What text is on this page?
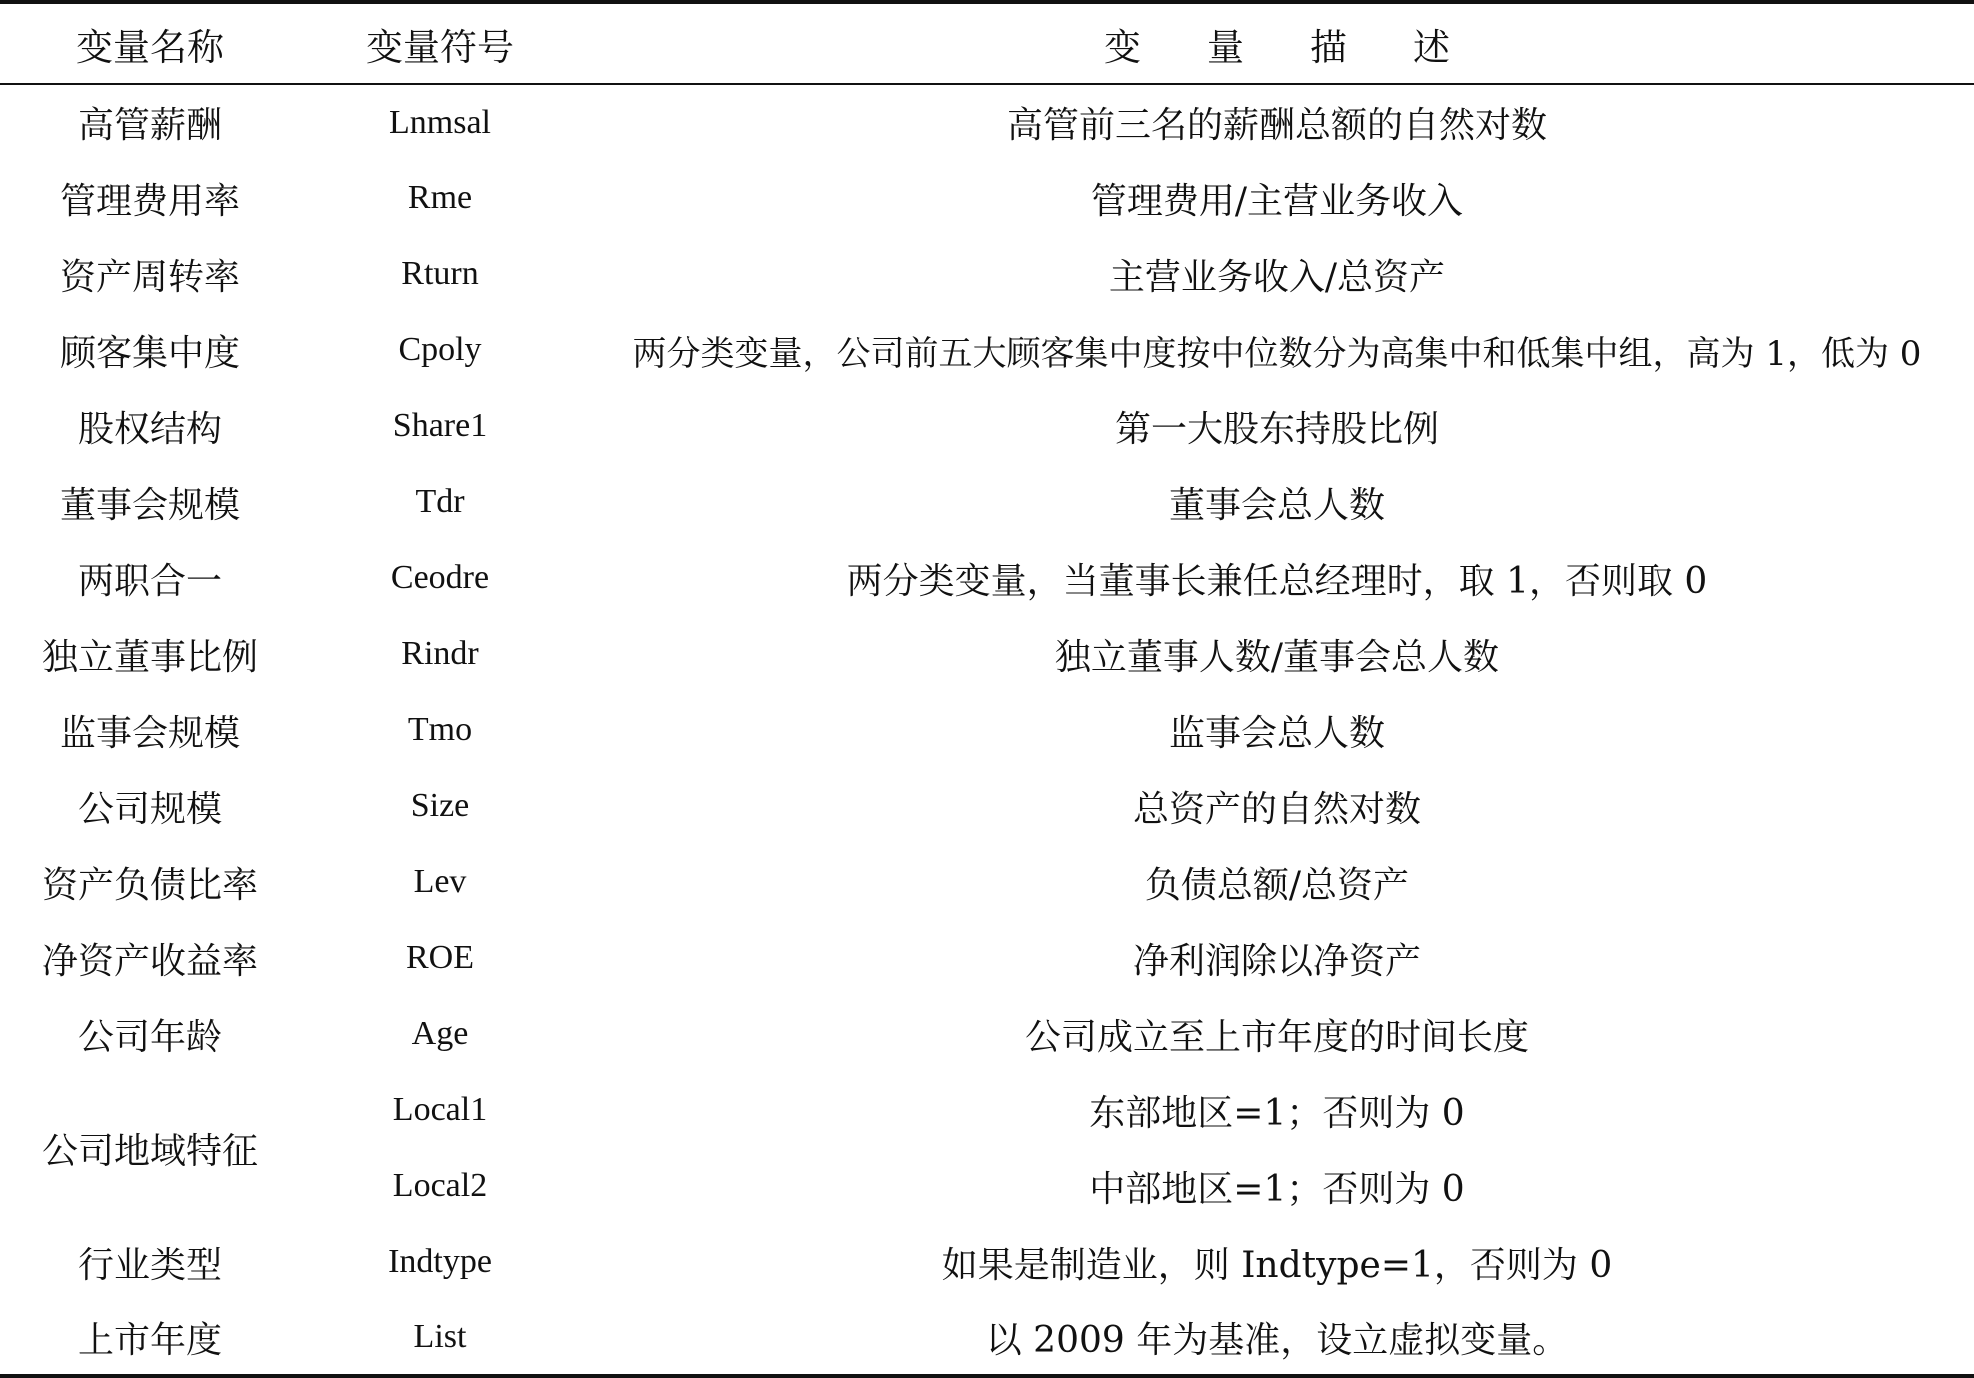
变量名称	变量符号	变量描述
高管薪酬	Lnmsal	高管前三名的薪酬总额的自然对数
管理费用率	Rme	管理费用/主营业务收入
资产周转率	Rturn	主营业务收入/总资产
顾客集中度	Cpoly	两分类变量，公司前五大顾客集中度按中位数分为高集中和低集中组，高为 1，低为 0
股权结构	Share1	第一大股东持股比例
董事会规模	Tdr	董事会总人数
两职合一	Ceodre	两分类变量，当董事长兼任总经理时，取 1，否则取 0
独立董事比例	Rindr	独立董事人数/董事会总人数
监事会规模	Tmo	监事会总人数
公司规模	Size	总资产的自然对数
资产负债比率	Lev	负债总额/总资产
净资产收益率	ROE	净利润除以净资产
公司年龄	Age	公司成立至上市年度的时间长度
公司地域特征	Local1	东部地区=1；否则为 0
	Local2	中部地区=1；否则为 0
行业类型	Indtype	如果是制造业，则 Indtype=1，否则为 0
上市年度	List	以 2009 年为基准，设立虚拟变量。
